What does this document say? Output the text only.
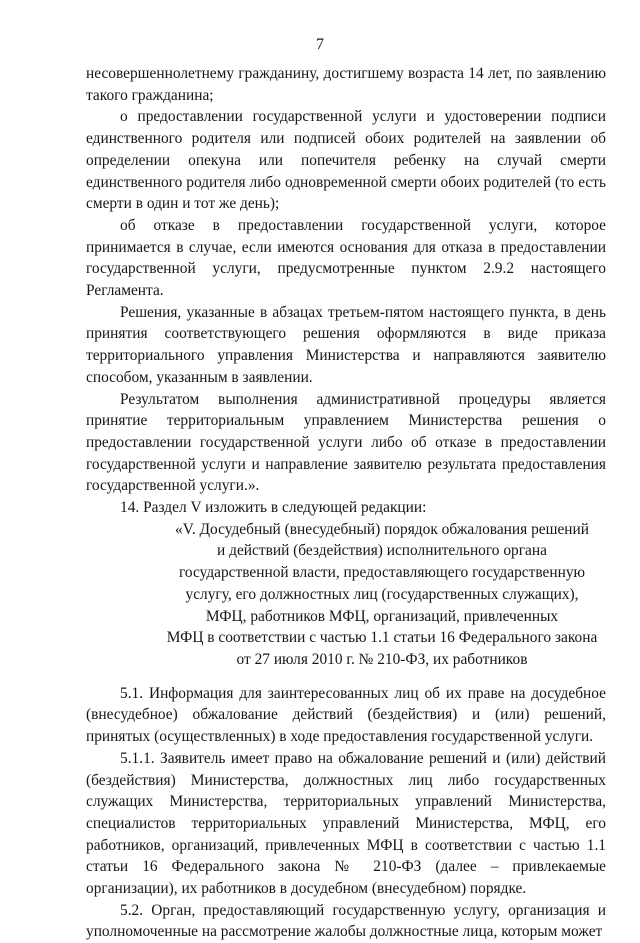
7

несовершеннолетнему гражданину, достигшему возраста 14 лет, по заявлению такого гражданина;

о предоставлении государственной услуги и удостоверении подписи единственного родителя или подписей обоих родителей на заявлении об определении опекуна или попечителя ребенку на случай смерти единственного родителя либо одновременной смерти обоих родителей (то есть смерти в один и тот же день);

об отказе в предоставлении государственной услуги, которое принимается в случае, если имеются основания для отказа в предоставлении государственной услуги, предусмотренные пунктом 2.9.2 настоящего Регламента.

Решения, указанные в абзацах третьем-пятом настоящего пункта, в день принятия соответствующего решения оформляются в виде приказа территориального управления Министерства и направляются заявителю способом, указанным в заявлении.

Результатом выполнения административной процедуры является принятие территориальным управлением Министерства решения о предоставлении государственной услуги либо об отказе в предоставлении государственной услуги и направление заявителю результата предоставления государственной услуги.».

14. Раздел V изложить в следующей редакции:

«V. Досудебный (внесудебный) порядок обжалования решений

и действий (бездействия) исполнительного органа

государственной власти, предоставляющего государственную

услугу, его должностных лиц (государственных служащих),

МФЦ, работников МФЦ, организаций, привлеченных

МФЦ в соответствии с частью 1.1 статьи 16 Федерального закона

от 27 июля 2010 г. № 210-ФЗ, их работников

5.1. Информация для заинтересованных лиц об их праве на досудебное (внесудебное) обжалование действий (бездействия) и (или) решений, принятых (осуществленных) в ходе предоставления государственной услуги.

5.1.1. Заявитель имеет право на обжалование решений и (или) действий (бездействия) Министерства, должностных лиц либо государственных служащих Министерства, территориальных управлений Министерства, специалистов территориальных управлений Министерства, МФЦ, его работников, организаций, привлеченных МФЦ в соответствии с частью 1.1 статьи 16 Федерального закона № 210-ФЗ (далее – привлекаемые организации), их работников в досудебном (внесудебном) порядке.

5.2. Орган, предоставляющий государственную услугу, организация и уполномоченные на рассмотрение жалобы должностные лица, которым может
